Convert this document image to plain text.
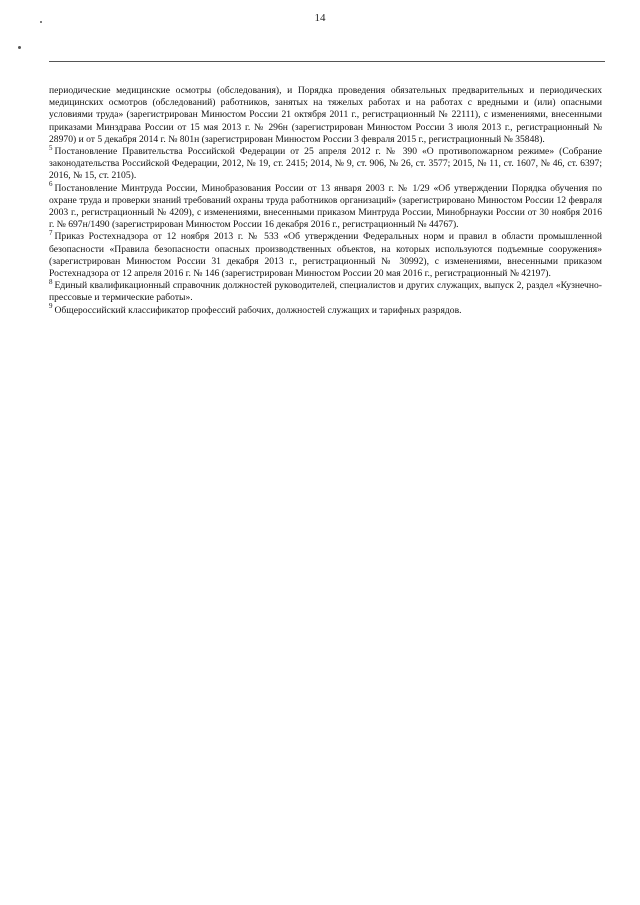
14

периодические медицинские осмотры (обследования), и Порядка проведения обязательных предварительных и периодических медицинских осмотров (обследований) работников, занятых на тяжелых работах и на работах с вредными и (или) опасными условиями труда» (зарегистрирован Минюстом России 21 октября 2011 г., регистрационный № 22111), с изменениями, внесенными приказами Минздрава России от 15 мая 2013 г. № 296н (зарегистрирован Минюстом России 3 июля 2013 г., регистрационный № 28970) и от 5 декабря 2014 г. № 801н (зарегистрирован Минюстом России 3 февраля 2015 г., регистрационный № 35848).

$^5$ Постановление Правительства Российской Федерации от 25 апреля 2012 г. № 390 «О противопожарном режиме» (Собрание законодательства Российской Федерации, 2012, № 19, ст. 2415; 2014, № 9, ст. 906, № 26, ст. 3577; 2015, № 11, ст. 1607, № 46, ст. 6397; 2016, № 15, ст. 2105).

$^6$ Постановление Минтруда России, Минобразования России от 13 января 2003 г. № 1/29 «Об утверждении Порядка обучения по охране труда и проверки знаний требований охраны труда работников организаций» (зарегистрировано Минюстом России 12 февраля 2003 г., регистрационный № 4209), с изменениями, внесенными приказом Минтруда России, Минобрнауки России от 30 ноября 2016 г. № 697н/1490 (зарегистрирован Минюстом России 16 декабря 2016 г., регистрационный № 44767).

$^7$ Приказ Ростехнадзора от 12 ноября 2013 г. № 533 «Об утверждении Федеральных норм и правил в области промышленной безопасности «Правила безопасности опасных производственных объектов, на которых используются подъемные сооружения» (зарегистрирован Минюстом России 31 декабря 2013 г., регистрационный № 30992), с изменениями, внесенными приказом Ростехнадзора от 12 апреля 2016 г. № 146 (зарегистрирован Минюстом России 20 мая 2016 г., регистрационный № 42197).

$^8$ Единый квалификационный справочник должностей руководителей, специалистов и других служащих, выпуск 2, раздел «Кузнечно-прессовые и термические работы».

$^9$ Общероссийский классификатор профессий рабочих, должностей служащих и тарифных разрядов.
